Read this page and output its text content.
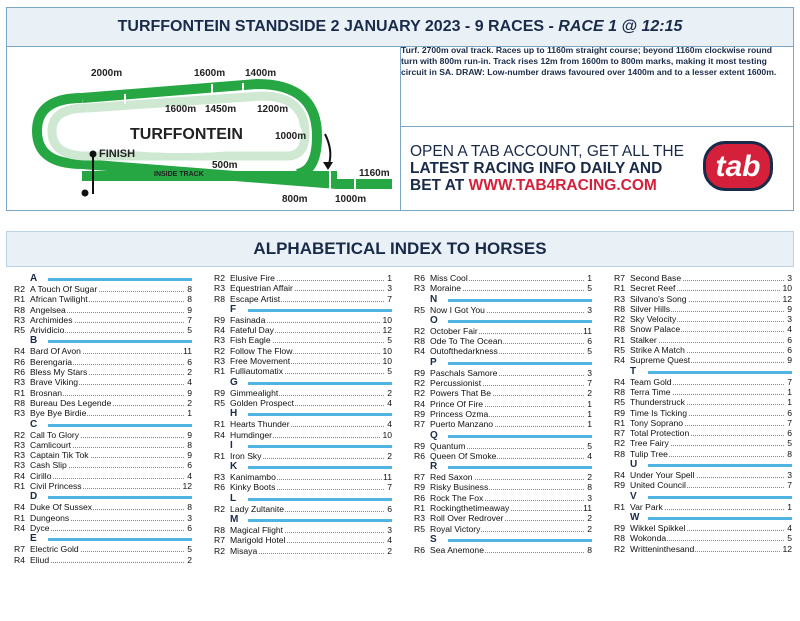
TURFFONTEIN STANDSIDE 2 JANUARY 2023 - 9 RACES - RACE 1 @ 12:15
2000m	1600m 1400m
1600m 1450m 1200m
1000m
TURFFONTEIN
FINISH
500m
INSIDE TRACK
STANDSIDE TRACK
1160m
800m	1000m
Turf. 2700m oval track. Races up to 1160m straight course; beyond 1160m clockwise round turn with 800m run-in. Track rises 12m from 1600m to 800m marks, making it most testing circuit in SA. DRAW: Low-number draws favoured over 1400m and to a lesser extent 1600m.
OPEN A TAB ACCOUNT, GET ALL THE
LATEST RACING INFO DAILY AND
BET AT WWW.TAB4RACING.COM
tab
ALPHABETICAL INDEX TO HORSES
A
R2 A Touch Of Sugar	8
R1 African Twilight	8
R8 Angelsea	9
R3 Archimides	7
R5 Arividicio	5
B
R4 Bard Of Avon	11
R6 Berengaria	6
R6 Bless My Stars	2
R3 Brave Viking	4
R1 Brosnan	9
R8 Bureau Des Legende	2
R3 Bye Bye Birdie	1
C
R2 Call To Glory	9
R3 Camlicourt	8
R3 Captain Tik Tok	9
R3 Cash Slip	6
R4 Cirillo	4
R1 Civil Princess	12
D
R4 Duke Of Sussex	8
R1 Dungeons	3
R4 Dyce	6
E
R7 Electric Gold	5
R4 Eliud	2
R2 Elusive Fire	1
R3 Equestrian Affair	3
R8 Escape Artist	7
F
R9 Fasinada	10
R4 Fateful Day	12
R3 Fish Eagle	5
R2 Follow The Flow	10
R3 Free Movement	10
R1 Fulliautomatix	5
G
R9 Gimmealight	2
R5 Golden Prospect	4
H
R1 Hearts Thunder	4
R4 Humdinger	10
I
R1 Iron Sky	2
K
R3 Kanimambo	11
R6 Kinky Boots	7
L
R2 Lady Zultanite	6
M
R8 Magical Flight	3
R7 Marigold Hotel	4
R2 Misaya	2
R6 Miss Cool	1
R3 Moraine	5
N
R5 Now I Got You	3
O
R2 October Fair	11
R8 Ode To The Ocean	6
R4 Outofthedarkness	5
P
R9 Paschals Samore	3
R2 Percussionist	7
R2 Powers That Be	2
R4 Prince Of Fire	1
R9 Princess Ozma	1
R7 Puerto Manzano	1
Q
R9 Quantum	5
R6 Queen Of Smoke	4
R
R7 Red Saxon	2
R9 Risky Business	8
R6 Rock The Fox	3
R1 Rockingthetimeaway	11
R3 Roll Over Redrover	2
R5 Royal Victory	2
S
R6 Sea Anemone	8
R7 Second Base	3
R1 Secret Reef	10
R3 Silvano's Song	12
R8 Silver Hills	9
R2 Sky Velocity	3
R8 Snow Palace	4
R1 Stalker	6
R5 Strike A Match	6
R4 Supreme Quest	9
T
R4 Team Gold	7
R8 Terra Time	1
R5 Thunderstruck	1
R9 Time Is Ticking	6
R1 Tony Soprano	7
R7 Total Protection	6
R2 Tree Fairy	5
R8 Tulip Tree	8
U
R4 Under Your Spell	3
R9 United Council	7
V
R1 Var Park	1
W
R9 Wikkel Spikkel	4
R8 Wokonda	5
R2 Writteninthesand	12
